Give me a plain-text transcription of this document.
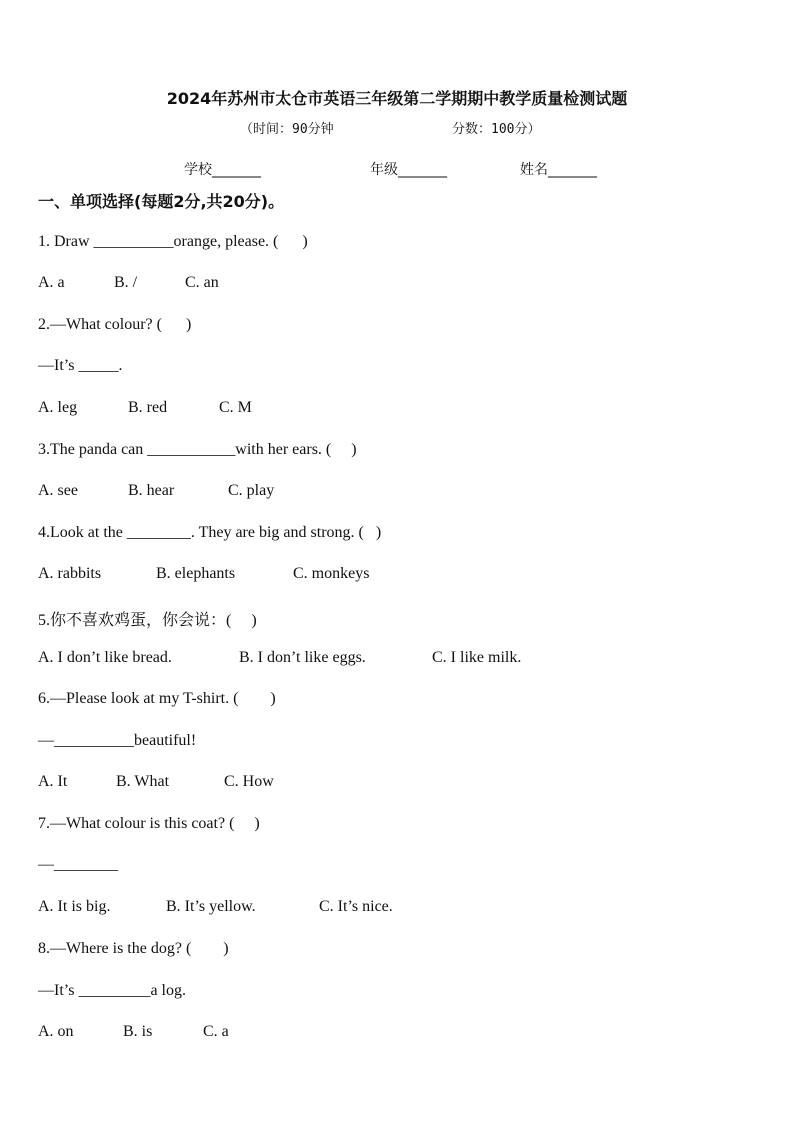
2024年苏州市太仓市英语三年级第二学期期中教学质量检测试题
（时间：90分钟	分数：100分）
学校_______	年级_______	姓名_______
一、单项选择(每题2分,共20分)。
1. Draw __________orange, please. (      )
A. a	B. /	C. an
2.—What colour? (      )
—It’s _____.
A. leg	B. red	C. M
3.The panda can ___________with her ears. (     )
A. see	B. hear	C. play
4.Look at the ________. They are big and strong. (   )
A. rabbits	B. elephants	C. monkeys
5.你不喜欢鸡蛋，你会说：(     )
A. I don’t like bread.	B. I don’t like eggs.	C. I like milk.
6.—Please look at my T-shirt. (        )
—__________beautiful!
A. It	B. What	C. How
7.—What colour is this coat? (     )
—________
A. It is big.	B. It’s yellow.	C. It’s nice.
8.—Where is the dog? (        )
—It’s _________a log.
A. on	B. is	C. a
